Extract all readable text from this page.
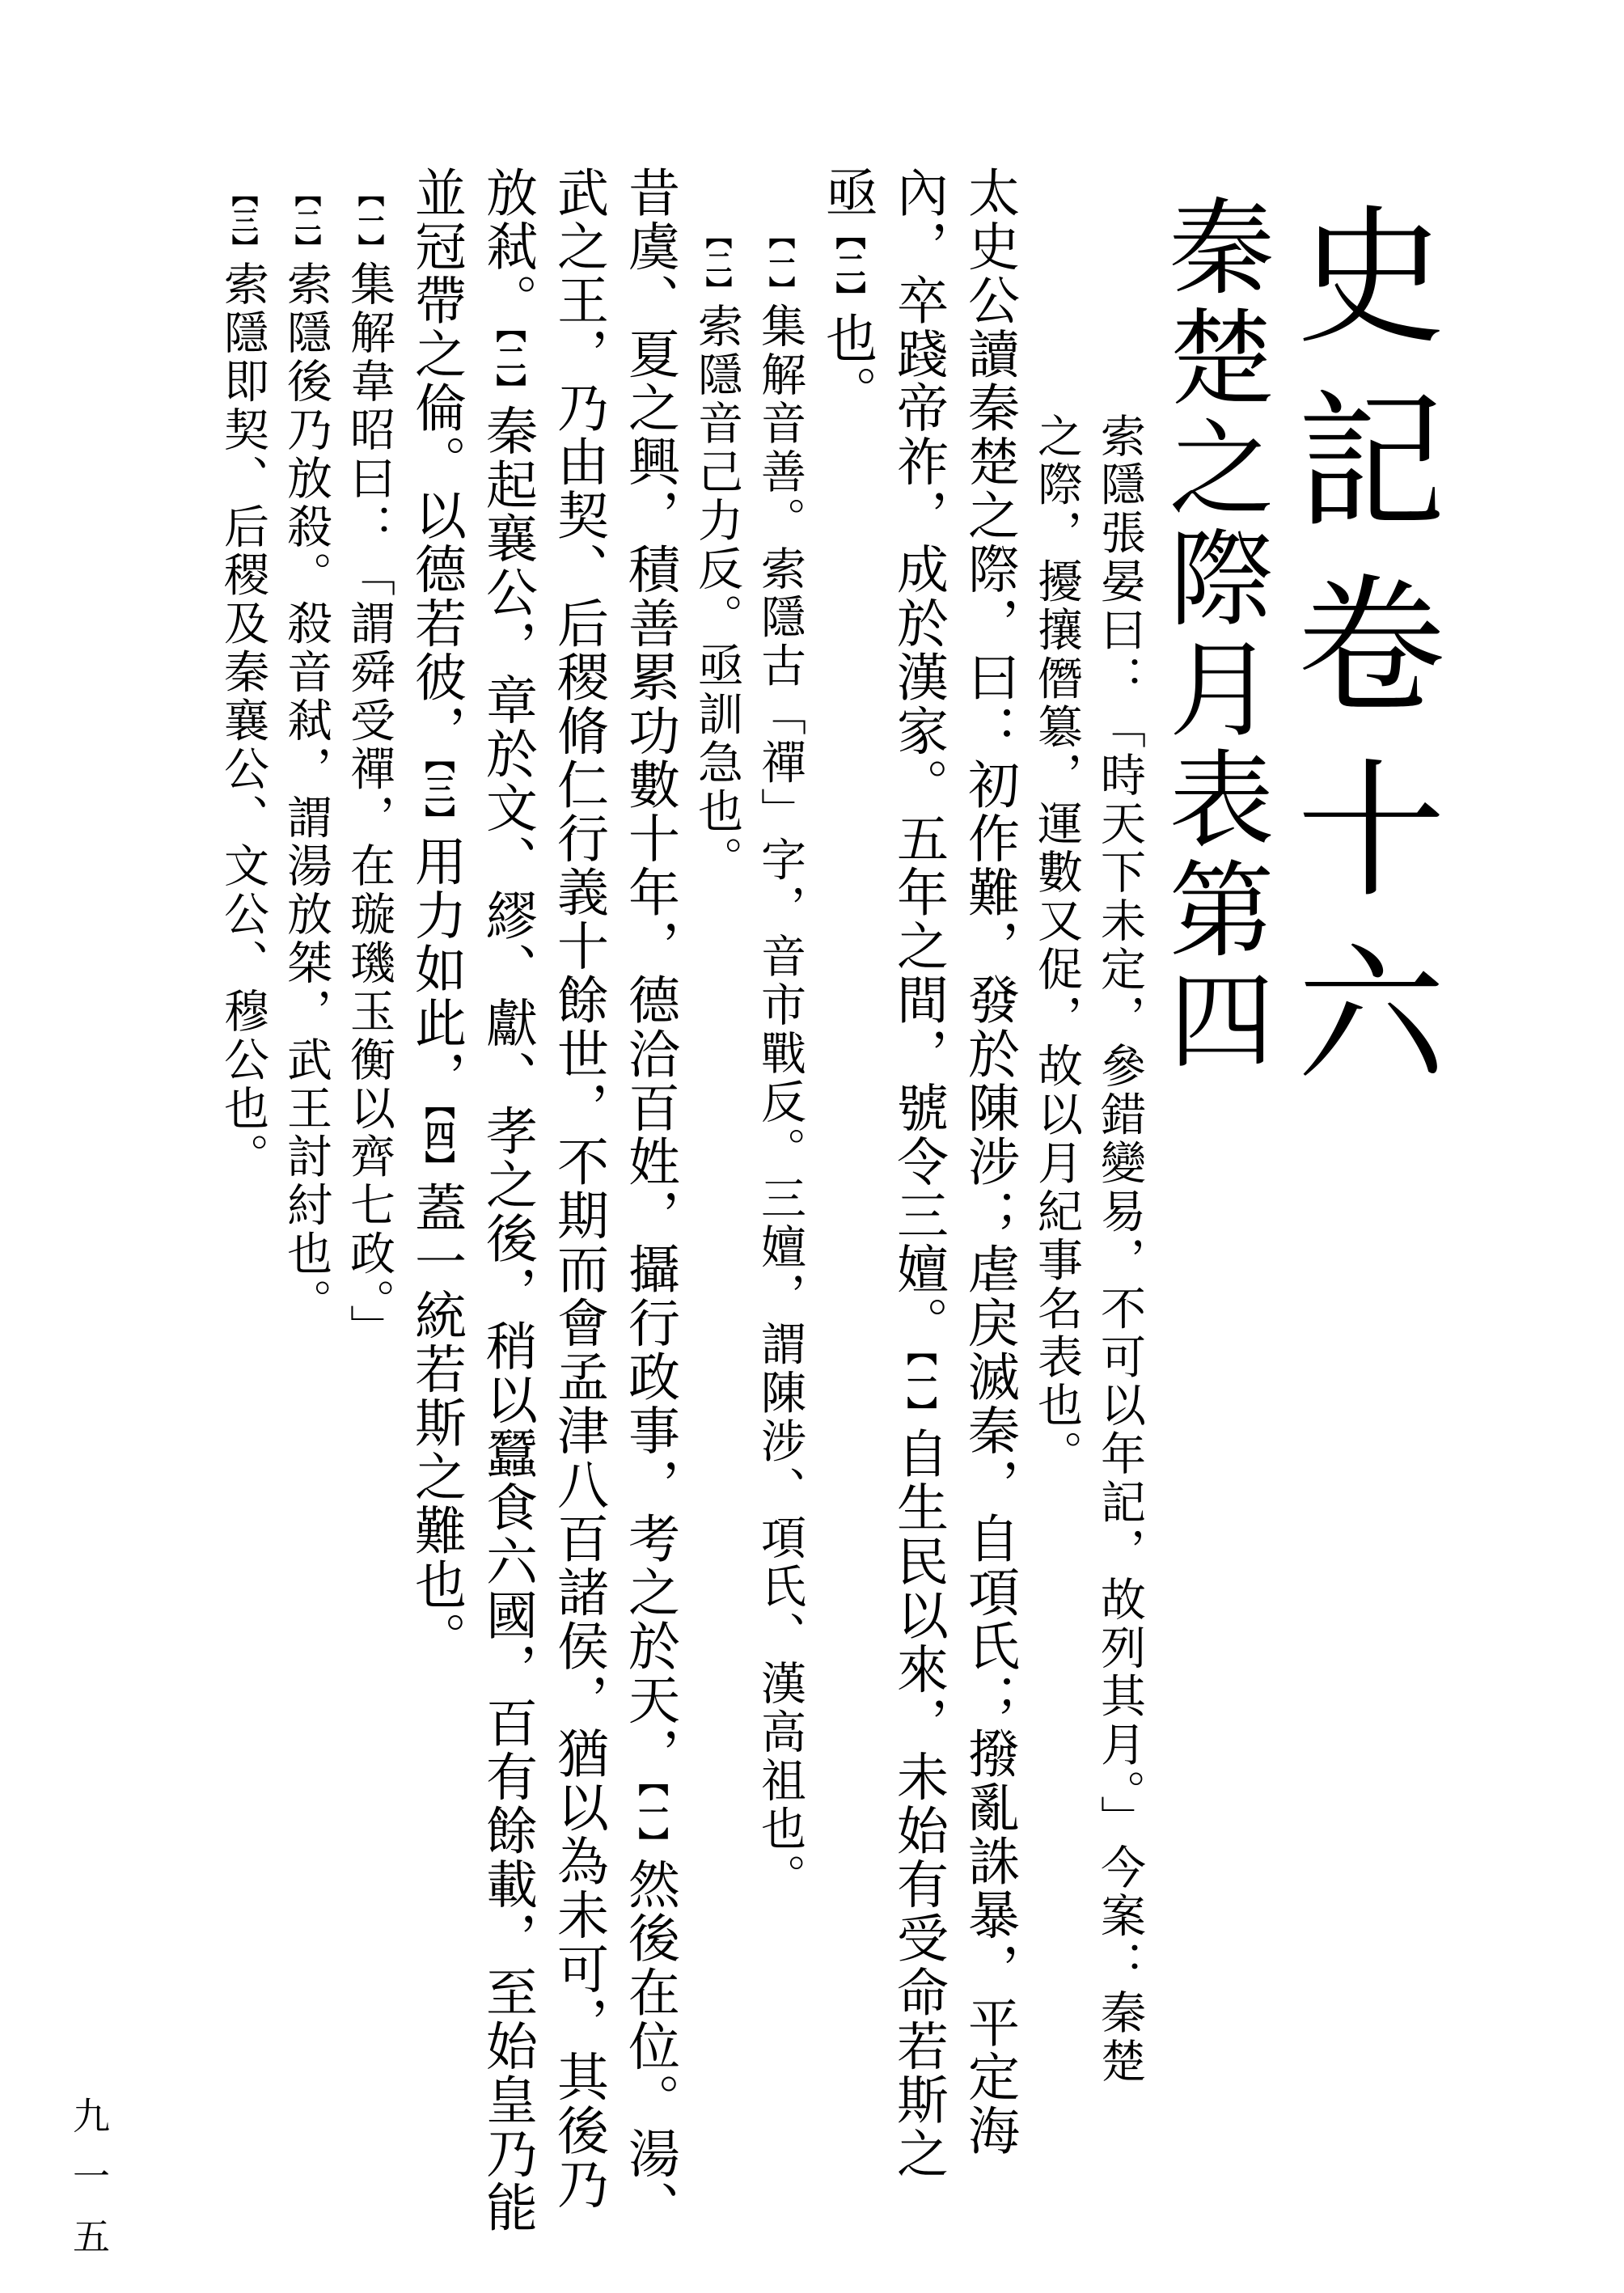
史記卷十六
秦楚之際月表第四
索隱張晏曰：「時天下未定，參錯變易，不可以年記，故列其月。」今案：秦楚
之際，擾攘僭簒，運數又促，故以月紀事名表也。
太史公讀秦楚之際，曰：初作難，發於陳涉；虐戾滅秦，自項氏；撥亂誅暴，平定海
內，卒踐帝祚，成於漢家。五年之間，號令三嬗。【一】自生民以來，未始有受命若斯之
亟【二】也。
【一】集解音善。索隱古「禪」字，音市戰反。三嬗，謂陳涉、項氏、漢高祖也。
【二】索隱音己力反。亟訓急也。
昔虞、夏之興，積善累功數十年，德洽百姓，攝行政事，考之於天，【一】然後在位。湯、
武之王，乃由契、后稷脩仁行義十餘世，不期而會孟津八百諸侯，猶以為未可，其後乃
放弒。【二】秦起襄公，章於文、繆、獻、孝之後，稍以蠶食六國，百有餘載，至始皇乃能
並冠帶之倫。以德若彼，【三】用力如此，【四】蓋一統若斯之難也。
【一】集解韋昭曰：「謂舜受禪，在璇璣玉衡以齊七政。」
【二】索隱後乃放殺。殺音弒，謂湯放桀，武王討紂也。
【三】索隱即契、后稷及秦襄公、文公、穆公也。
九一五
